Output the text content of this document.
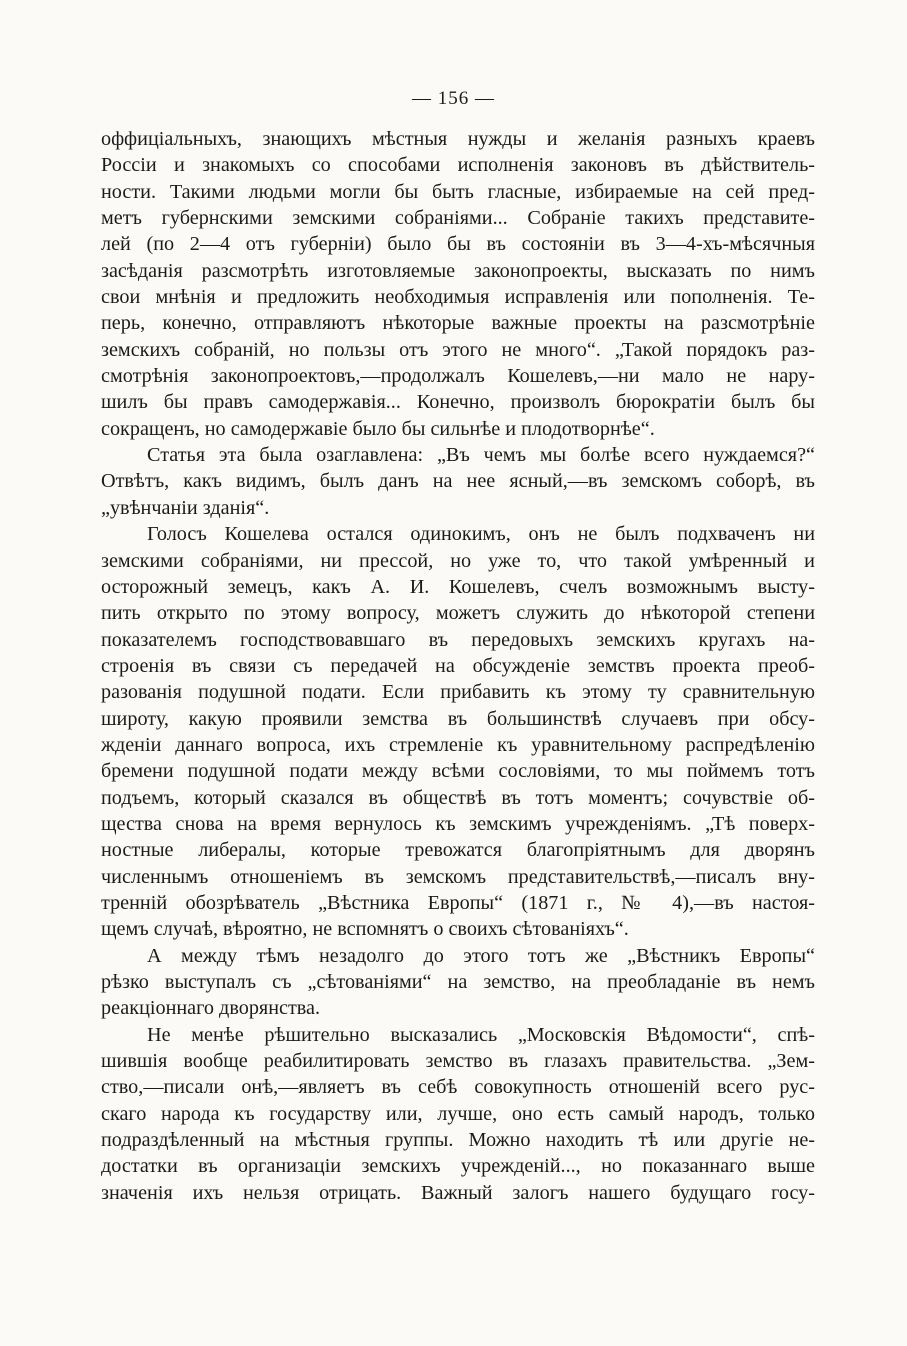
— 156 —
оффиціальныхъ, знающихъ мѣстныя нужды и желанія разныхъ краевъ
Россіи и знакомыхъ со способами исполненія законовъ въ дѣйствитель-
ности. Такими людьми могли бы быть гласные, избираемые на сей пред-
метъ губернскими земскими собраніями... Собраніе такихъ представите-
лей (по 2—4 отъ губерніи) было бы въ состояніи въ 3—4-хъ-мѣсячныя
засѣданія разсмотрѣть изготовляемые законопроекты, высказать по нимъ
свои мнѣнія и предложить необходимыя исправленія или пополненія. Те-
перь, конечно, отправляютъ нѣкоторые важные проекты на разсмотрѣніе
земскихъ собраній, но пользы отъ этого не много“. „Такой порядокъ раз-
смотрѣнія законопроектовъ,—продолжалъ Кошелевъ,—ни мало не нару-
шилъ бы правъ самодержавія... Конечно, произволъ бюрократіи былъ бы
сокращенъ, но самодержавіе было бы сильнѣе и плодотворнѣе“.
Статья эта была озаглавлена: „Въ чемъ мы болѣе всего нуждаемся?“
Отвѣтъ, какъ видимъ, былъ данъ на нее ясный,—въ земскомъ соборѣ, въ
„увѣнчаніи зданія“.
Голосъ Кошелева остался одинокимъ, онъ не былъ подхваченъ ни
земскими собраніями, ни прессой, но уже то, что такой умѣренный и
осторожный земецъ, какъ А. И. Кошелевъ, счелъ возможнымъ высту-
пить открыто по этому вопросу, можетъ служить до нѣкоторой степени
показателемъ господствовавшаго въ передовыхъ земскихъ кругахъ на-
строенія въ связи съ передачей на обсужденіе земствъ проекта преоб-
разованія подушной подати. Если прибавить къ этому ту сравнительную
широту, какую проявили земства въ большинствѣ случаевъ при обсу-
жденіи даннаго вопроса, ихъ стремленіе къ уравнительному распредѣленію
бремени подушной подати между всѣми сословіями, то мы поймемъ тотъ
подъемъ, который сказался въ обществѣ въ тотъ моментъ; сочувствіе об-
щества снова на время вернулось къ земскимъ учрежденіямъ. „Тѣ поверх-
ностные либералы, которые тревожатся благопріятнымъ для дворянъ
численнымъ отношеніемъ въ земскомъ представительствѣ,—писалъ вну-
тренній обозрѣватель „Вѣстника Европы“ (1871 г., № 4),—въ настоя-
щемъ случаѣ, вѣроятно, не вспомнятъ о своихъ сѣтованіяхъ“.
А между тѣмъ незадолго до этого тотъ же „Вѣстникъ Европы“
рѣзко выступалъ съ „сѣтованіями“ на земство, на преобладаніе въ немъ
реакціоннаго дворянства.
Не менѣе рѣшительно высказались „Московскія Вѣдомости“, спѣ-
шившія вообще реабилитировать земство въ глазахъ правительства. „Зем-
ство,—писали онѣ,—являетъ въ себѣ совокупность отношеній всего рус-
скаго народа къ государству или, лучше, оно есть самый народъ, только
подраздѣленный на мѣстныя группы. Можно находить тѣ или другіе не-
достатки въ организаціи земскихъ учрежденій..., но показаннаго выше
значенія ихъ нельзя отрицать. Важный залогъ нашего будущаго госу-
